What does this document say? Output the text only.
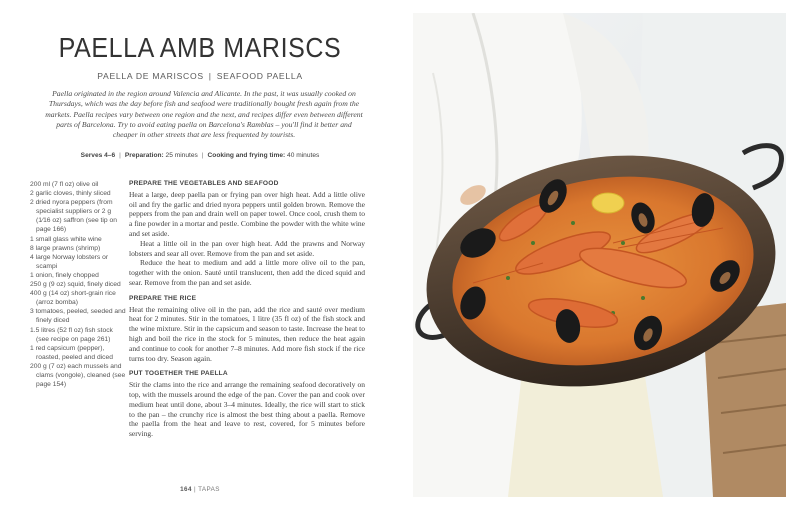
PAELLA AMB MARISCS
PAELLA DE MARISCOS | SEAFOOD PAELLA
Paella originated in the region around Valencia and Alicante. In the past, it was usually cooked on Thursdays, which was the day before fish and seafood were traditionally bought fresh again from the markets. Paella recipes vary between one region and the next, and recipes differ even between different parts of Barcelona. Try to avoid eating paella on Barcelona's Ramblas – you'll find it better and cheaper in other streets that are less frequented by tourists.
Serves 4–6 | Preparation: 25 minutes | Cooking and frying time: 40 minutes
200 ml (7 fl oz) olive oil
2 garlic cloves, thinly sliced
2 dried nyora peppers (from specialist suppliers or 2 g (1⁄16 oz) saffron (see tip on page 166)
1 small glass white wine
8 large prawns (shrimp)
4 large Norway lobsters or scampi
1 onion, finely chopped
250 g (9 oz) squid, finely diced
400 g (14 oz) short-grain rice (arroz bomba)
3 tomatoes, peeled, seeded and finely diced
1.5 litres (52 fl oz) fish stock (see recipe on page 261)
1 red capsicum (pepper), roasted, peeled and diced
200 g (7 oz) each mussels and clams (vongole), cleaned (see page 154)
PREPARE THE VEGETABLES AND SEAFOOD

Heat a large, deep paella pan or frying pan over high heat. Add a little olive oil and fry the garlic and dried nyora peppers until golden brown. Remove the peppers from the pan and drain well on paper towel. Once cool, crush them to a fine powder in a mortar and pestle. Combine the powder with the white wine and set aside.

Heat a little oil in the pan over high heat. Add the prawns and Norway lobsters and sear all over. Remove from the pan and set aside.

Reduce the heat to medium and add a little more olive oil to the pan, together with the onion. Sauté until translucent, then add the diced squid and sear. Remove from the pan and set aside.

PREPARE THE RICE

Heat the remaining olive oil in the pan, add the rice and sauté over medium heat for 2 minutes. Stir in the tomatoes, 1 litre (35 fl oz) of the fish stock and the wine mixture. Stir in the capsicum and season to taste. Increase the heat to high and boil the rice in the stock for 5 minutes, then reduce the heat again and continue to cook for another 7–8 minutes. Add more fish stock if the rice turns too dry. Season again.

PUT TOGETHER THE PAELLA

Stir the clams into the rice and arrange the remaining seafood decoratively on top, with the mussels around the edge of the pan. Cover the pan and cook over medium heat until done, about 3–4 minutes. Ideally, the rice will start to stick to the pan – the crunchy rice is almost the best thing about a paella. Remove the paella from the heat and leave to rest, covered, for 5 minutes before serving.

164 | TAPAS
